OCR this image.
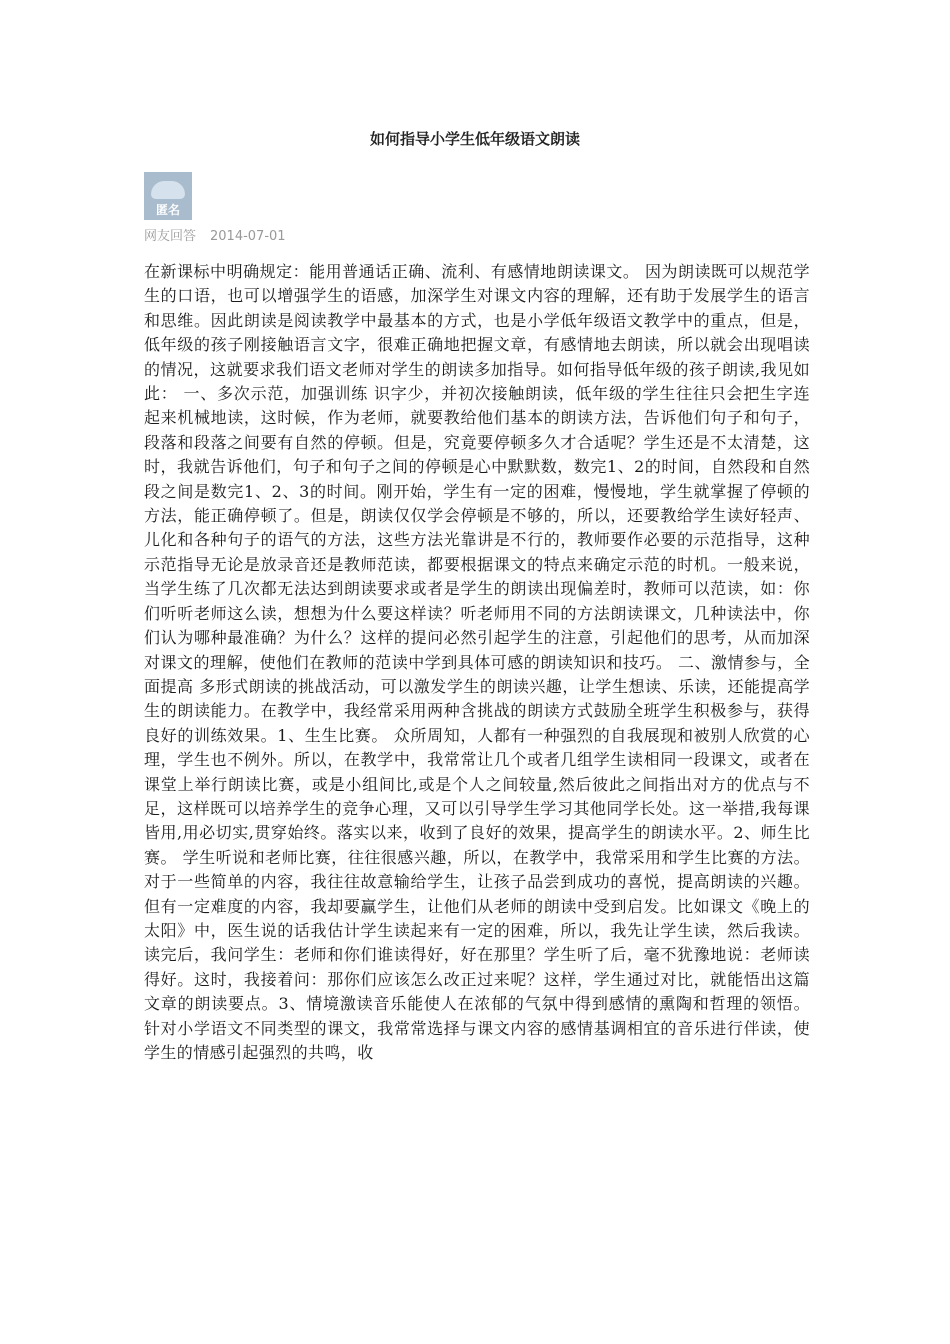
如何指导小学生低年级语文朗读
匿名
网友回答 2014-07-01

在新课标中明确规定：能用普通话正确、流利、有感情地朗读课文。 因为朗读既可以规范学生的口语，也可以增强学生的语感，加深学生对课文内容的理解，还有助于发展学生的语言和思维。因此朗读是阅读教学中最基本的方式，也是小学低年级语文教学中的重点，但是，低年级的孩子刚接触语言文字，很难正确地把握文章，有感情地去朗读，所以就会出现唱读的情况，这就要求我们语文老师对学生的朗读多加指导。如何指导低年级的孩子朗读,我见如此： 一、多次示范，加强训练 识字少，并初次接触朗读，低年级的学生往往只会把生字连起来机械地读，这时候，作为老师，就要教给他们基本的朗读方法，告诉他们句子和句子，段落和段落之间要有自然的停顿。但是，究竟要停顿多久才合适呢？学生还是不太清楚，这时，我就告诉他们，句子和句子之间的停顿是心中默默数，数完1、2的时间，自然段和自然段之间是数完1、2、3的时间。刚开始，学生有一定的困难，慢慢地，学生就掌握了停顿的方法，能正确停顿了。但是，朗读仅仅学会停顿是不够的，所以，还要教给学生读好轻声、儿化和各种句子的语气的方法，这些方法光靠讲是不行的，教师要作必要的示范指导，这种示范指导无论是放录音还是教师范读，都要根据课文的特点来确定示范的时机。一般来说，当学生练了几次都无法达到朗读要求或者是学生的朗读出现偏差时，教师可以范读，如：你们听听老师这么读，想想为什么要这样读？听老师用不同的方法朗读课文，几种读法中，你们认为哪种最准确？为什么？这样的提问必然引起学生的注意，引起他们的思考，从而加深对课文的理解，使他们在教师的范读中学到具体可感的朗读知识和技巧。 二、激情参与，全面提高 多形式朗读的挑战活动，可以激发学生的朗读兴趣，让学生想读、乐读，还能提高学生的朗读能力。在教学中，我经常采用两种含挑战的朗读方式鼓励全班学生积极参与，获得良好的训练效果。1、生生比赛。 众所周知，人都有一种强烈的自我展现和被别人欣赏的心理，学生也不例外。所以，在教学中，我常常让几个或者几组学生读相同一段课文，或者在课堂上举行朗读比赛，或是小组间比,或是个人之间较量,然后彼此之间指出对方的优点与不足，这样既可以培养学生的竞争心理，又可以引导学生学习其他同学长处。这一举措,我每课皆用,用必切实,贯穿始终。落实以来，收到了良好的效果，提高学生的朗读水平。2、师生比赛。 学生听说和老师比赛，往往很感兴趣，所以，在教学中，我常采用和学生比赛的方法。对于一些简单的内容，我往往故意输给学生，让孩子品尝到成功的喜悦，提高朗读的兴趣。但有一定难度的内容，我却要赢学生，让他们从老师的朗读中受到启发。比如课文《晚上的太阳》中，医生说的话我估计学生读起来有一定的困难，所以，我先让学生读，然后我读。读完后，我问学生：老师和你们谁读得好，好在那里？学生听了后，毫不犹豫地说：老师读得好。这时，我接着问：那你们应该怎么改正过来呢？这样，学生通过对比，就能悟出这篇文章的朗读要点。3、情境激读音乐能使人在浓郁的气氛中得到感情的熏陶和哲理的领悟。针对小学语文不同类型的课文，我常常选择与课文内容的感情基调相宜的音乐进行伴读，使学生的情感引起强烈的共鸣，收
